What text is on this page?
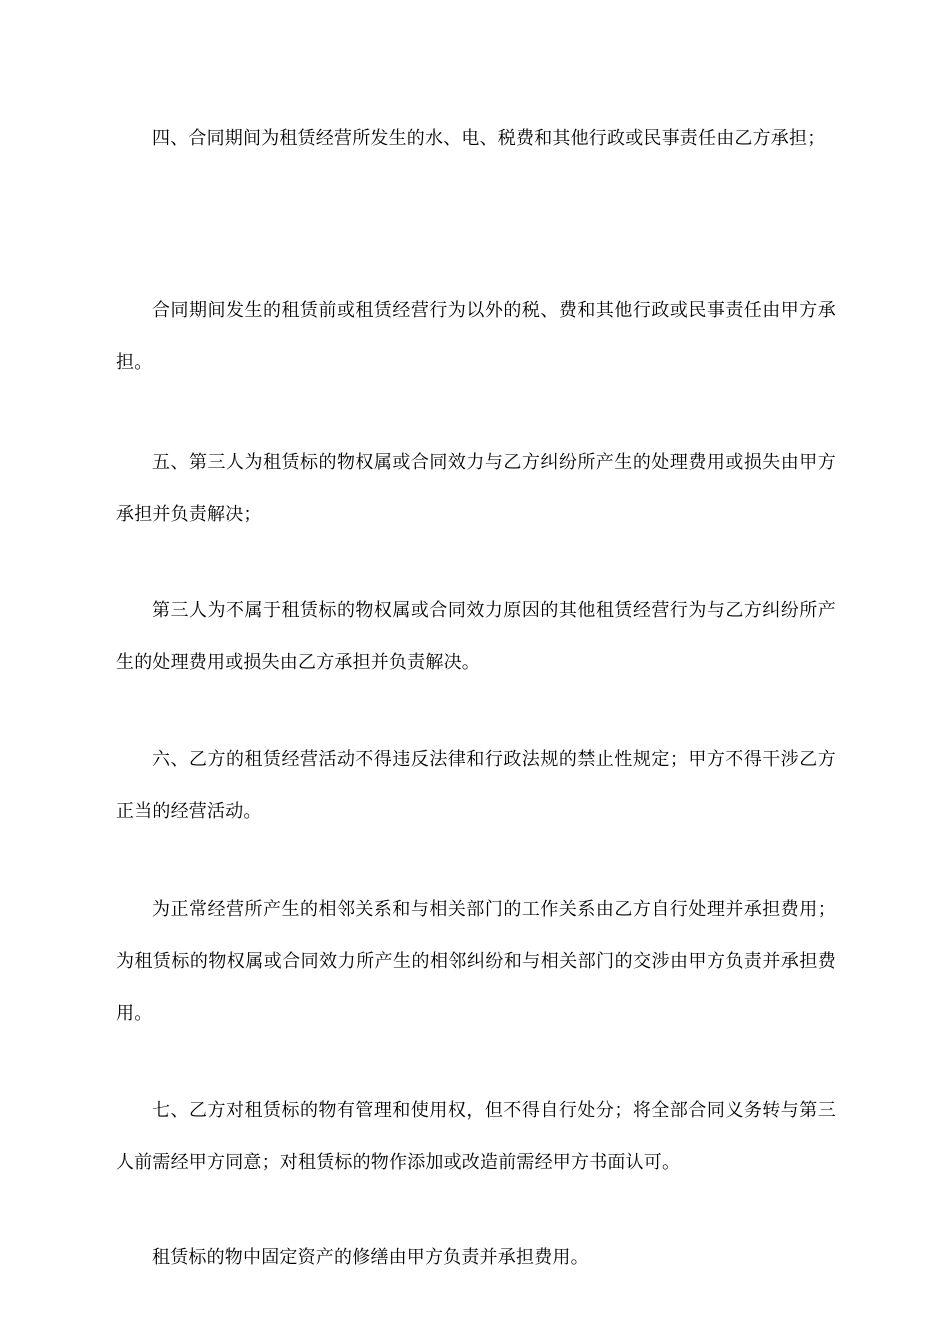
四、合同期间为租赁经营所发生的水、电、税费和其他行政或民事责任由乙方承担；

合同期间发生的租赁前或租赁经营行为以外的税、费和其他行政或民事责任由甲方承担。

五、第三人为租赁标的物权属或合同效力与乙方纠纷所产生的处理费用或损失由甲方承担并负责解决；

第三人为不属于租赁标的物权属或合同效力原因的其他租赁经营行为与乙方纠纷所产生的处理费用或损失由乙方承担并负责解决。

六、乙方的租赁经营活动不得违反法律和行政法规的禁止性规定；甲方不得干涉乙方正当的经营活动。

为正常经营所产生的相邻关系和与相关部门的工作关系由乙方自行处理并承担费用；为租赁标的物权属或合同效力所产生的相邻纠纷和与相关部门的交涉由甲方负责并承担费用。

七、乙方对租赁标的物有管理和使用权，但不得自行处分；将全部合同义务转与第三人前需经甲方同意；对租赁标的物作添加或改造前需经甲方书面认可。

租赁标的物中固定资产的修缮由甲方负责并承担费用。
